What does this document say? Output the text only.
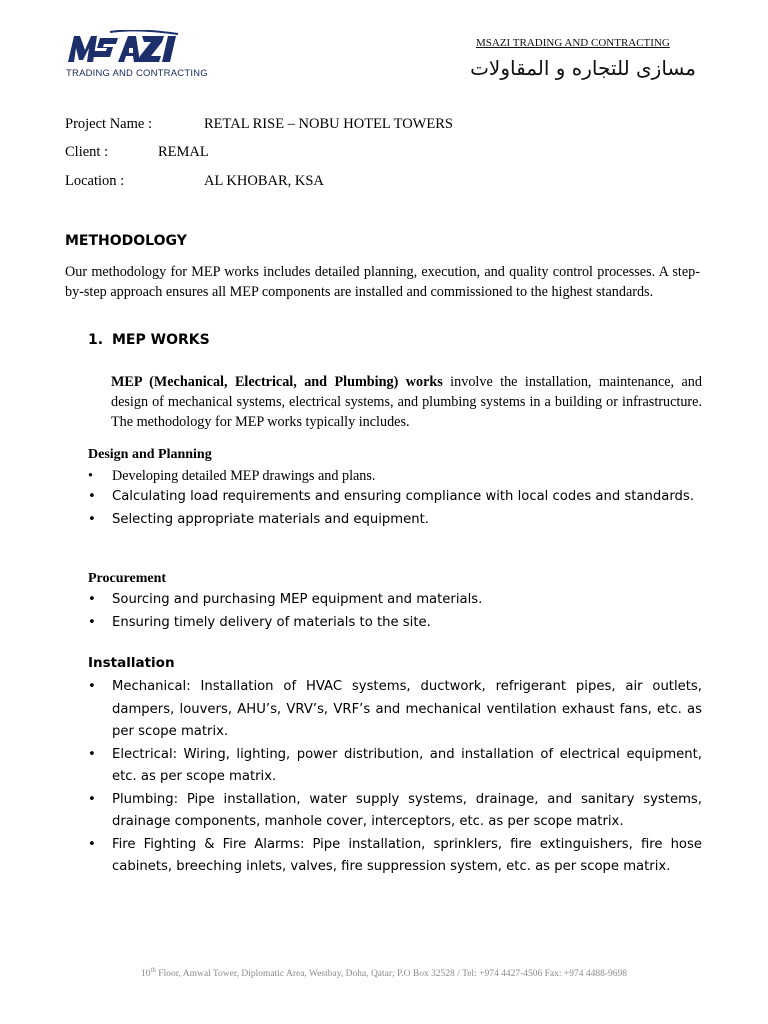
TRADING AND CONTRACTING
MSAZI TRADING AND CONTRACTING
مسازى للتجاره و المقاولات
Project Name :	RETAL RISE – NOBU HOTEL TOWERS
Client :	REMAL
Location :	AL KHOBAR, KSA
METHODOLOGY

Our methodology for MEP works includes detailed planning, execution, and quality control processes. A step-by-step approach ensures all MEP components are installed and commissioned to the highest standards.

1. MEP WORKS

MEP (Mechanical, Electrical, and Plumbing) works involve the installation, maintenance, and design of mechanical systems, electrical systems, and plumbing systems in a building or infrastructure. The methodology for MEP works typically includes.

Design and Planning
• Developing detailed MEP drawings and plans.
• Calculating load requirements and ensuring compliance with local codes and standards.
• Selecting appropriate materials and equipment.
Procurement
• Sourcing and purchasing MEP equipment and materials.
• Ensuring timely delivery of materials to the site.
Installation
• Mechanical: Installation of HVAC systems, ductwork, refrigerant pipes, air outlets, dampers, louvers, AHU’s, VRV’s, VRF’s and mechanical ventilation exhaust fans, etc. as per scope matrix.
• Electrical: Wiring, lighting, power distribution, and installation of electrical equipment, etc. as per scope matrix.
• Plumbing: Pipe installation, water supply systems, drainage, and sanitary systems, drainage components, manhole cover, interceptors, etc. as per scope matrix.
• Fire Fighting & Fire Alarms: Pipe installation, sprinklers, fire extinguishers, fire hose cabinets, breeching inlets, valves, fire suppression system, etc. as per scope matrix.
10th Floor, Amwal Tower, Diplomatic Area, Westbay, Doha, Qatar; P.O Box 32528 / Tel: +974 4427-4506 Fax: +974 4488-9698
